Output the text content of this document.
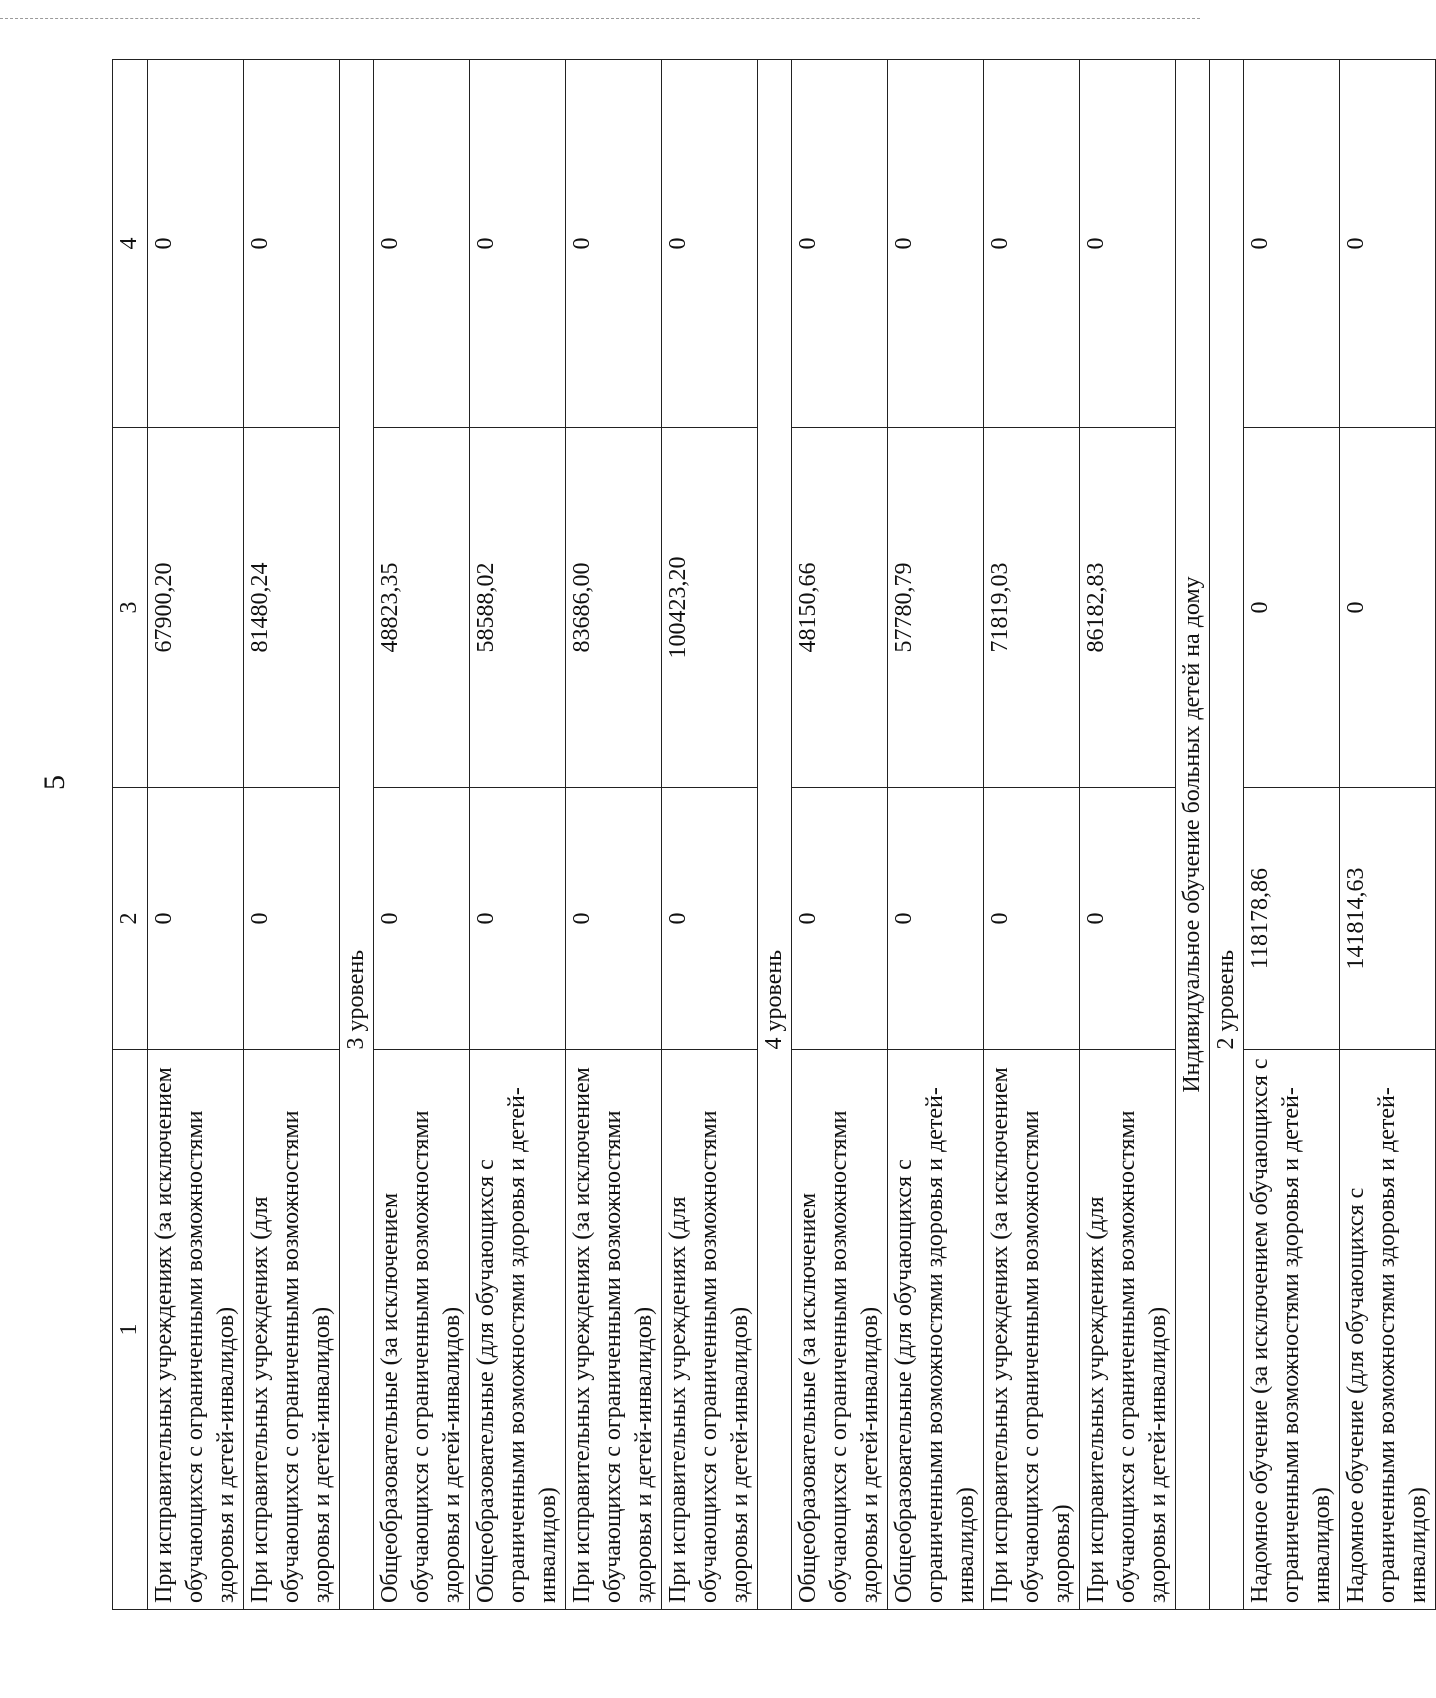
5
1	2	3	4
При исправительных учреждениях (за исключением обучающихся с ограниченными возможностями здоровья и детей-инвалидов)	0	67900,20	0
При исправительных учреждениях (для обучающихся с ограниченными возможностями здоровья и детей-инвалидов)	0	81480,24	0
	3 уровень		
Общеобразовательные (за исключением обучающихся с ограниченными возможностями здоровья и детей-инвалидов)	0	48823,35	0
Общеобразовательные (для обучающихся с ограниченными возможностями здоровья и детей-инвалидов)	0	58588,02	0
При исправительных учреждениях (за исключением обучающихся с ограниченными возможностями здоровья и детей-инвалидов)	0	83686,00	0
При исправительных учреждениях (для обучающихся с ограниченными возможностями здоровья и детей-инвалидов)	0	100423,20	0
	4 уровень		
Общеобразовательные (за исключением обучающихся с ограниченными возможностями здоровья и детей-инвалидов)	0	48150,66	0
Общеобразовательные (для обучающихся с ограниченными возможностями здоровья и детей-инвалидов)	0	57780,79	0
При исправительных учреждениях (за исключением обучающихся с ограниченными возможностями здоровья)	0	71819,03	0
При исправительных учреждениях (для обучающихся с ограниченными возможностями здоровья и детей-инвалидов)	0	86182,83	0
Индивидуальное обучение больных детей на дому			
	2 уровень		
Надомное обучение (за исключением обучающихся с ограниченными возможностями здоровья и детей-инвалидов)	118178,86	0	0
Надомное обучение (для обучающихся с ограниченными возможностями здоровья и детей-инвалидов)	141814,63	0	0
